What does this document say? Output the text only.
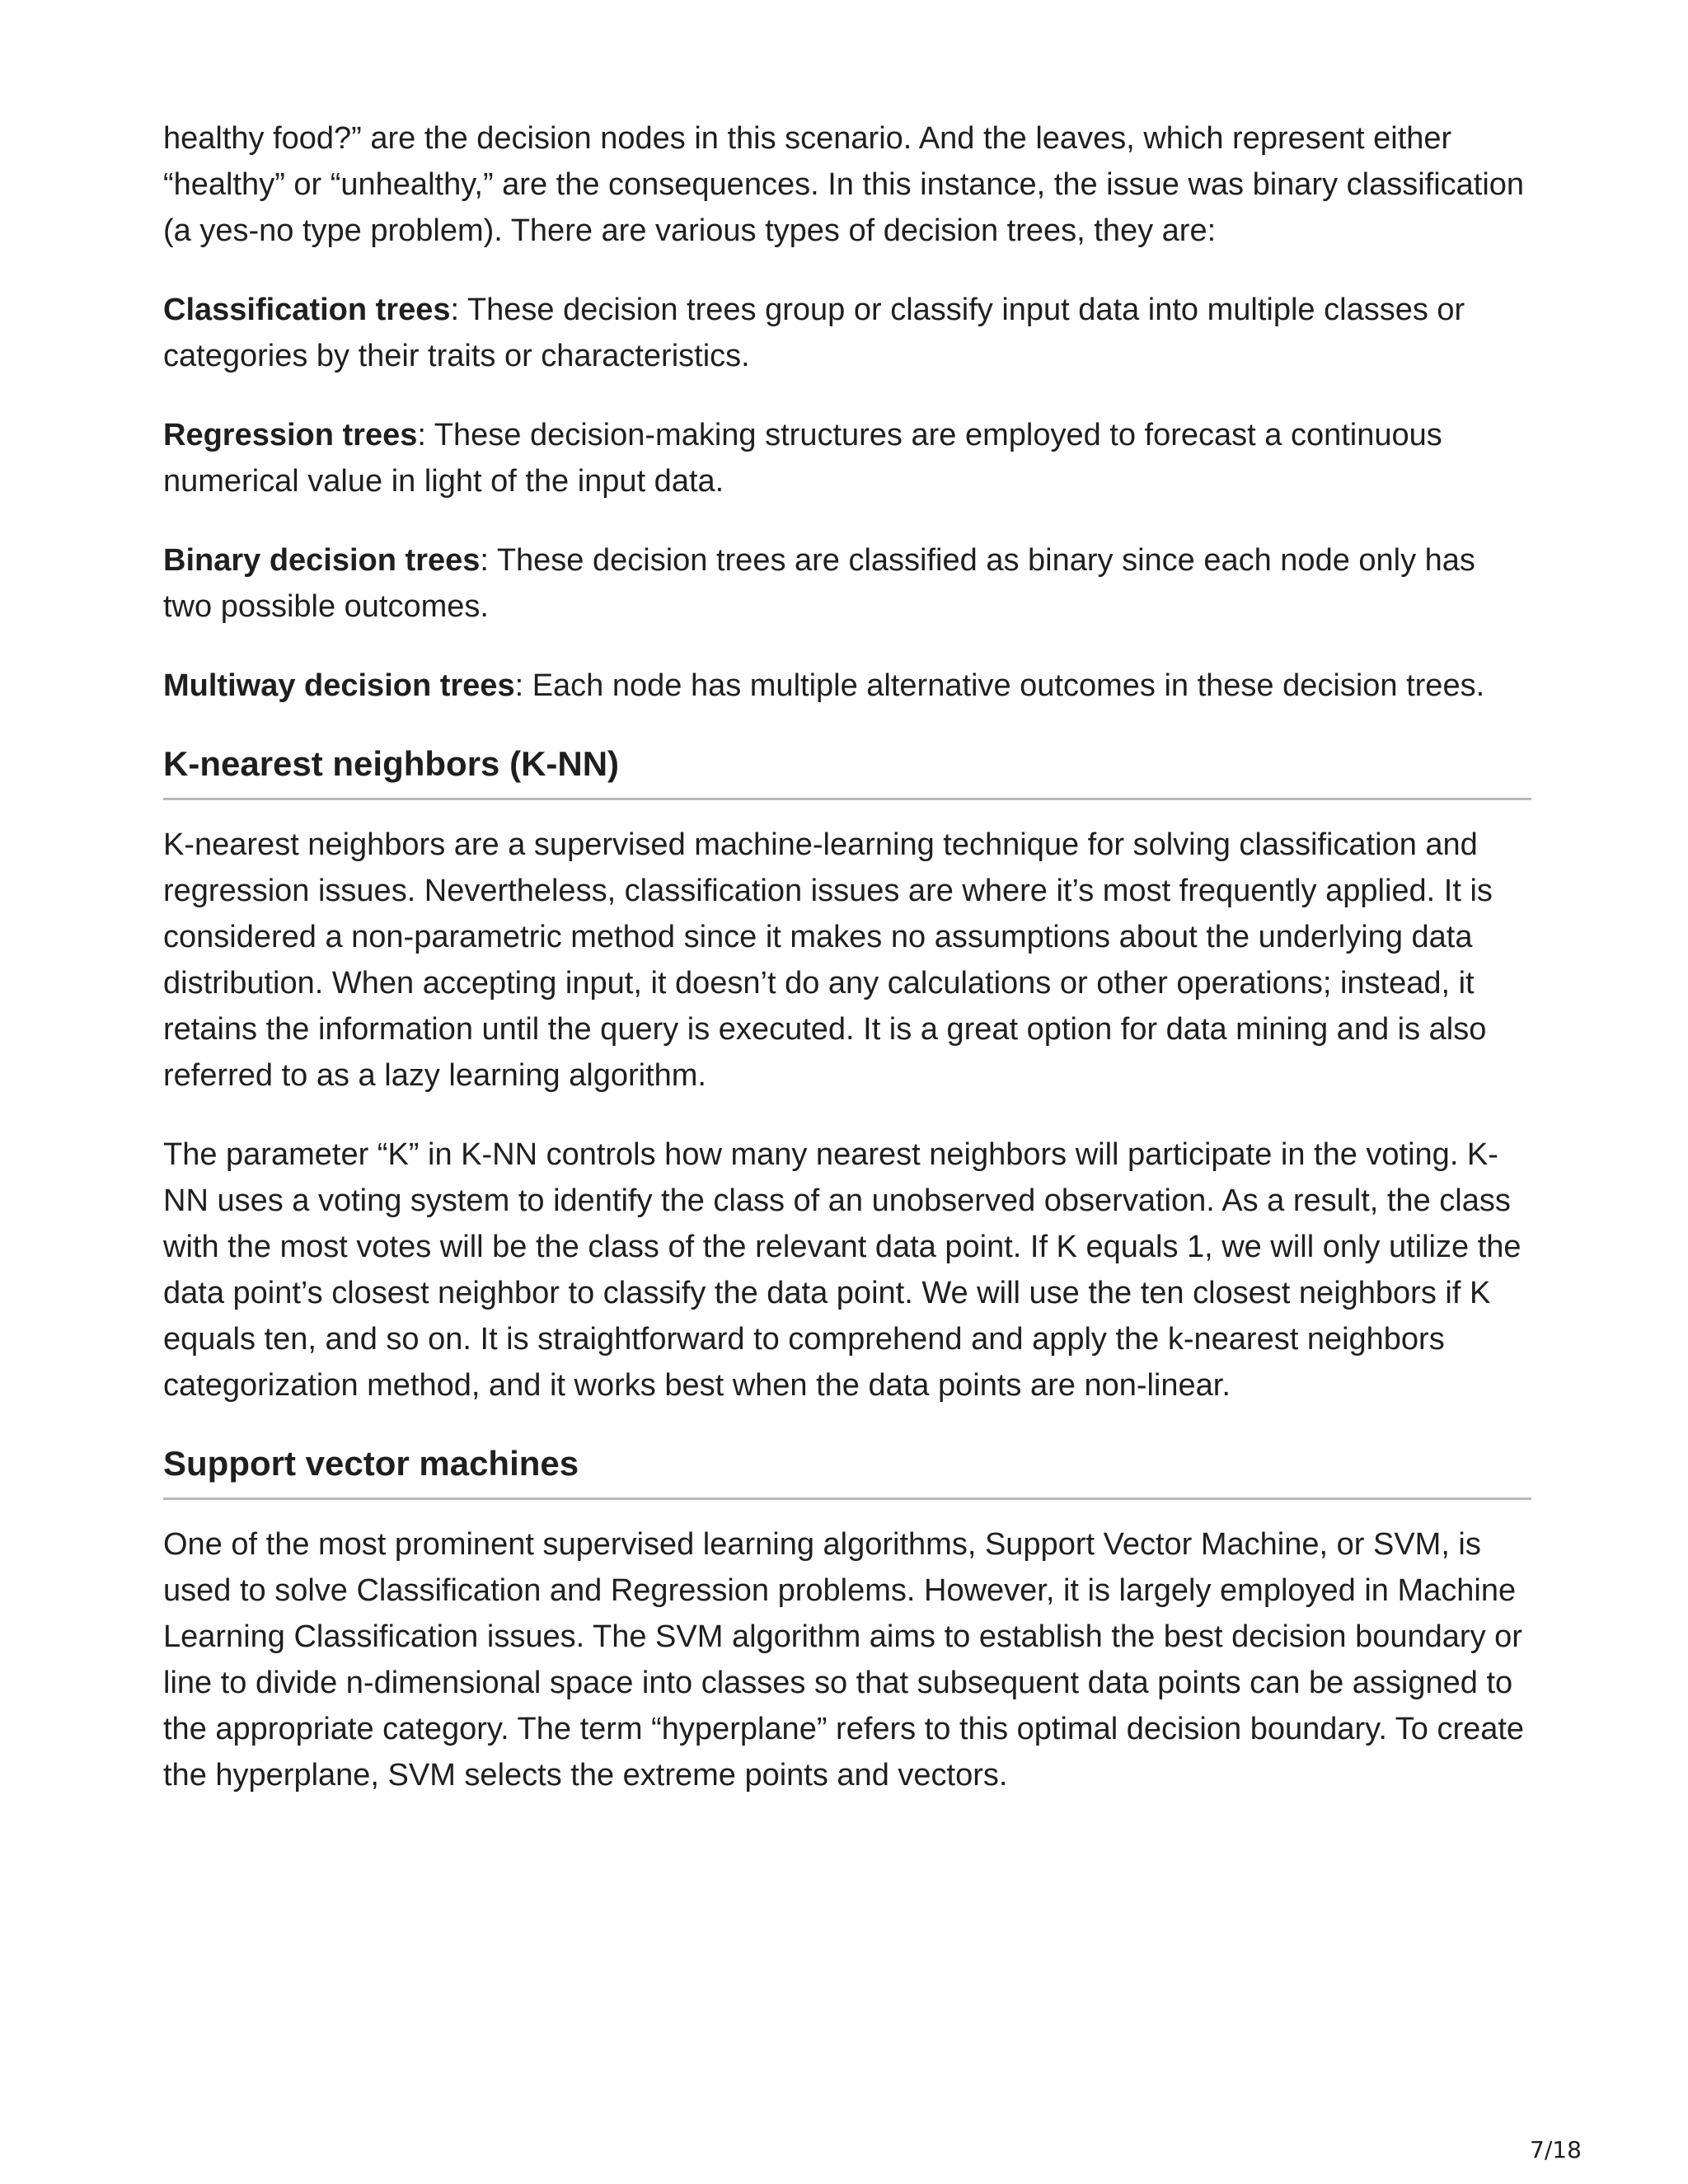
healthy food?” are the decision nodes in this scenario. And the leaves, which represent either “healthy” or “unhealthy,” are the consequences. In this instance, the issue was binary classification (a yes-no type problem). There are various types of decision trees, they are:

Classification trees: These decision trees group or classify input data into multiple classes or categories by their traits or characteristics.

Regression trees: These decision-making structures are employed to forecast a continuous numerical value in light of the input data.

Binary decision trees: These decision trees are classified as binary since each node only has two possible outcomes.

Multiway decision trees: Each node has multiple alternative outcomes in these decision trees.

K-nearest neighbors (K-NN)

K-nearest neighbors are a supervised machine-learning technique for solving classification and regression issues. Nevertheless, classification issues are where it’s most frequently applied. It is considered a non-parametric method since it makes no assumptions about the underlying data distribution. When accepting input, it doesn’t do any calculations or other operations; instead, it retains the information until the query is executed. It is a great option for data mining and is also referred to as a lazy learning algorithm.

The parameter “K” in K-NN controls how many nearest neighbors will participate in the voting. K-NN uses a voting system to identify the class of an unobserved observation. As a result, the class with the most votes will be the class of the relevant data point. If K equals 1, we will only utilize the data point’s closest neighbor to classify the data point. We will use the ten closest neighbors if K equals ten, and so on. It is straightforward to comprehend and apply the k-nearest neighbors categorization method, and it works best when the data points are non-linear.

Support vector machines

One of the most prominent supervised learning algorithms, Support Vector Machine, or SVM, is used to solve Classification and Regression problems. However, it is largely employed in Machine Learning Classification issues. The SVM algorithm aims to establish the best decision boundary or line to divide n-dimensional space into classes so that subsequent data points can be assigned to the appropriate category. The term “hyperplane” refers to this optimal decision boundary. To create the hyperplane, SVM selects the extreme points and vectors.

7/18
